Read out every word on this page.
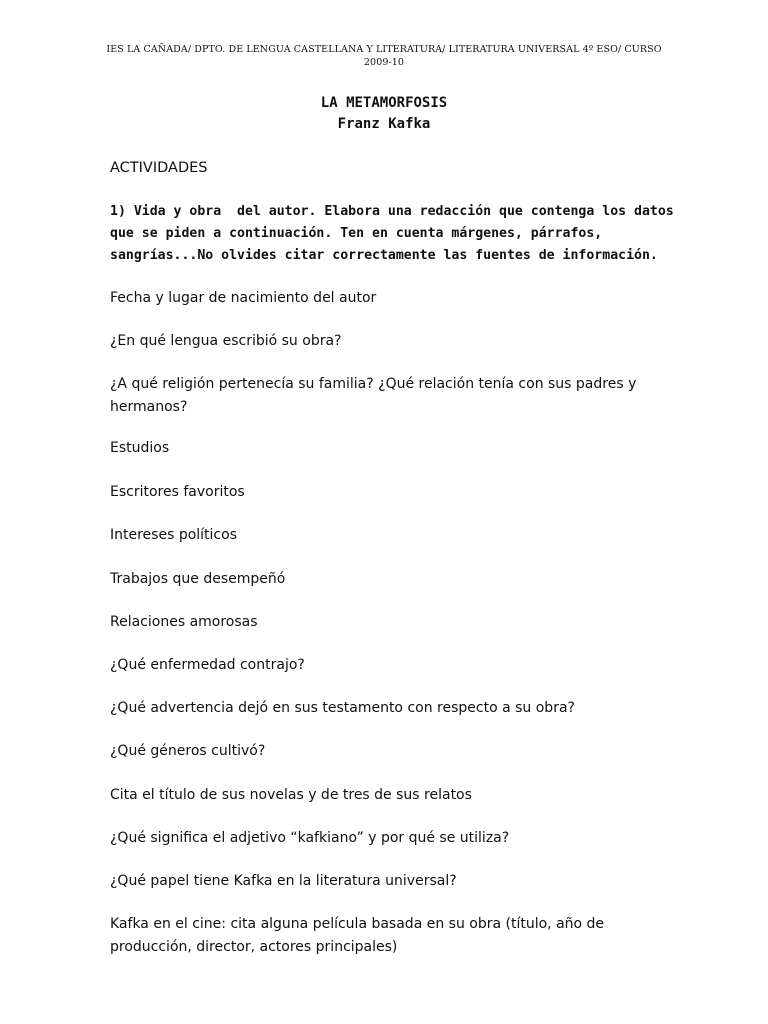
IES LA CAÑADA/ DPTO. DE LENGUA CASTELLANA Y LITERATURA/ LITERATURA UNIVERSAL 4º ESO/ CURSO
2009-10
LA METAMORFOSIS
Franz Kafka
ACTIVIDADES
1) Vida y obra  del autor. Elabora una redacción que contenga los datos
que se piden a continuación. Ten en cuenta márgenes, párrafos,
sangrías...No olvides citar correctamente las fuentes de información.
Fecha y lugar de nacimiento del autor
¿En qué lengua escribió su obra?
¿A qué religión pertenecía su familia? ¿Qué relación tenía con sus padres y
hermanos?
Estudios
Escritores favoritos
Intereses políticos
Trabajos que desempeñó
Relaciones amorosas
¿Qué enfermedad contrajo?
¿Qué advertencia dejó en sus testamento con respecto a su obra?
¿Qué géneros cultivó?
Cita el título de sus novelas y de tres de sus relatos
¿Qué significa el adjetivo “kafkiano” y por qué se utiliza?
¿Qué papel tiene Kafka en la literatura universal?
Kafka en el cine: cita alguna película basada en su obra (título, año de
producción, director, actores principales)
